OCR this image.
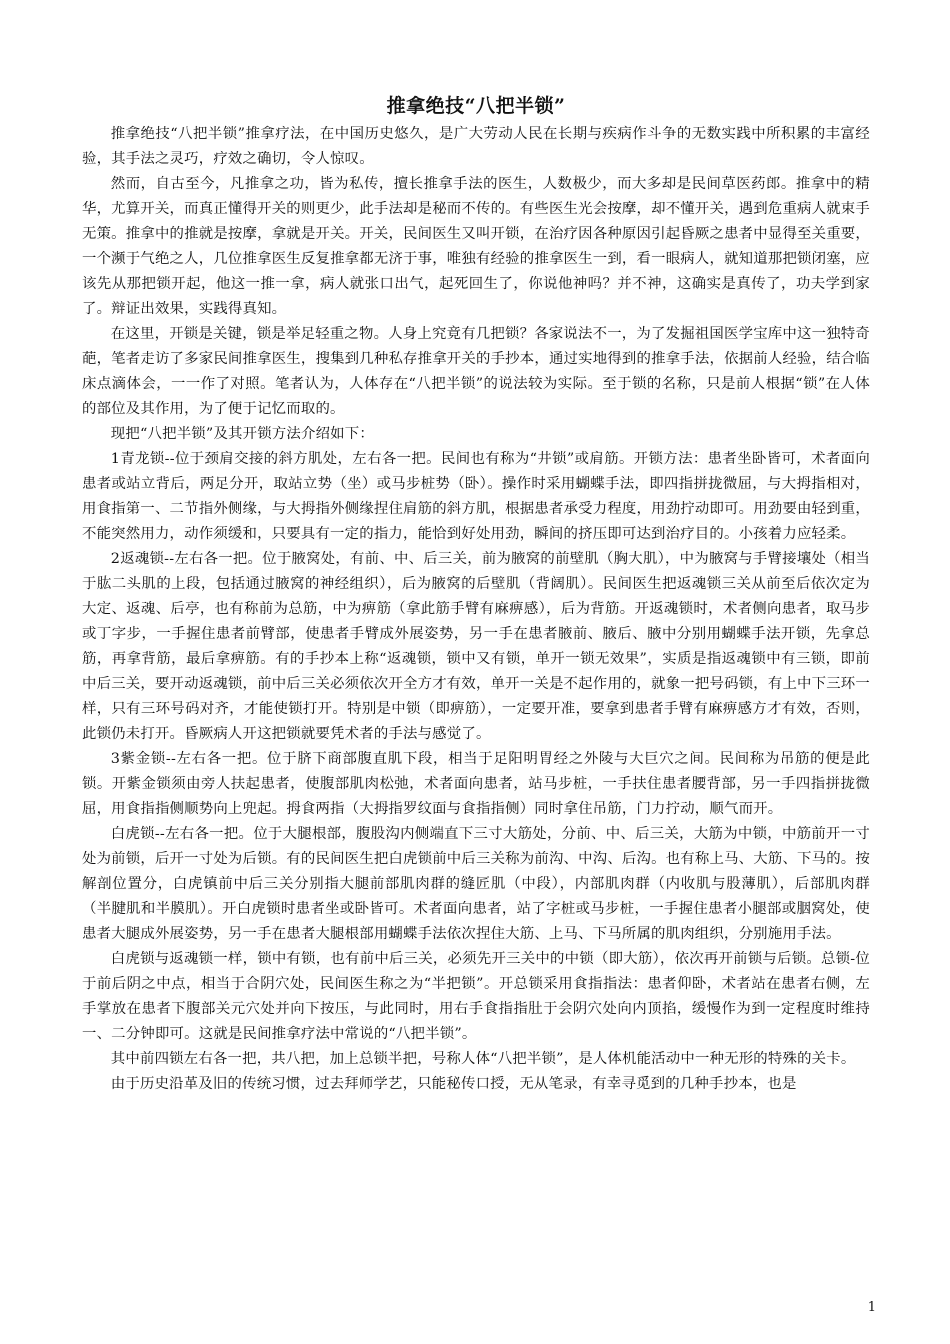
推拿绝技“八把半锁”

推拿绝技“八把半锁”推拿疗法，在中国历史悠久，是广大劳动人民在长期与疾病作斗争的无数实践中所积累的丰富经验，其手法之灵巧，疗效之确切，令人惊叹。

然而，自古至今，凡推拿之功，皆为私传，擅长推拿手法的医生，人数极少，而大多却是民间草医药郎。推拿中的精华，尤算开关，而真正懂得开关的则更少，此手法却是秘而不传的。有些医生光会按摩，却不懂开关，遇到危重病人就束手无策。推拿中的推就是按摩，拿就是开关。开关，民间医生又叫开锁，在治疗因各种原因引起昏厥之患者中显得至关重要，一个濒于气绝之人，几位推拿医生反复推拿都无济于事，唯独有经验的推拿医生一到，看一眼病人，就知道那把锁闭塞，应该先从那把锁开起，他这一推一拿，病人就张口出气，起死回生了，你说他神吗？并不神，这确实是真传了，功夫学到家了。辩证出效果，实践得真知。

在这里，开锁是关键，锁是举足轻重之物。人身上究竟有几把锁？各家说法不一，为了发掘祖国医学宝库中这一独特奇葩，笔者走访了多家民间推拿医生，搜集到几种私存推拿开关的手抄本，通过实地得到的推拿手法，依据前人经验，结合临床点滴体会，一一作了对照。笔者认为，人体存在“八把半锁”的说法较为实际。至于锁的名称，只是前人根据“锁”在人体的部位及其作用，为了便于记忆而取的。

现把“八把半锁”及其开锁方法介绍如下：

1青龙锁--位于颈肩交接的斜方肌处，左右各一把。民间也有称为“井锁”或肩筋。开锁方法：患者坐卧皆可，术者面向患者或站立背后，两足分开，取站立势（坐）或马步桩势（卧）。操作时采用蝴蝶手法，即四指拼拢微屈，与大拇指相对，用食指第一、二节指外侧缘，与大拇指外侧缘捏住肩筋的斜方肌，根据患者承受力程度，用劲拧动即可。用劲要由轻到重，不能突然用力，动作须缓和，只要具有一定的指力，能恰到好处用劲，瞬间的挤压即可达到治疗目的。小孩着力应轻柔。

2返魂锁--左右各一把。位于腋窝处，有前、中、后三关，前为腋窝的前壁肌（胸大肌），中为腋窝与手臂接壤处（相当于肱二头肌的上段，包括通过腋窝的神经组织），后为腋窝的后壁肌（背阔肌）。民间医生把返魂锁三关从前至后依次定为大定、返魂、后亭，也有称前为总筋，中为痹筋（拿此筋手臂有麻痹感），后为背筋。开返魂锁时，术者侧向患者，取马步或丁字步，一手握住患者前臂部，使患者手臂成外展姿势，另一手在患者腋前、腋后、腋中分别用蝴蝶手法开锁，先拿总筋，再拿背筋，最后拿痹筋。有的手抄本上称“返魂锁，锁中又有锁，单开一锁无效果”，实质是指返魂锁中有三锁，即前中后三关，要开动返魂锁，前中后三关必须依次开全方才有效，单开一关是不起作用的，就象一把号码锁，有上中下三环一样，只有三环号码对齐，才能使锁打开。特别是中锁（即痹筋），一定要开准，要拿到患者手臂有麻痹感方才有效，否则，此锁仍未打开。昏厥病人开这把锁就要凭术者的手法与感觉了。

3紫金锁--左右各一把。位于脐下商部腹直肌下段，相当于足阳明胃经之外陵与大巨穴之间。民间称为吊筋的便是此锁。开紫金锁须由旁人扶起患者，使腹部肌肉松弛，术者面向患者，站马步桩，一手扶住患者腰背部，另一手四指拼拢微屈，用食指指侧顺势向上兜起。拇食两指（大拇指罗纹面与食指指侧）同时拿住吊筋，门力拧动，顺气而开。

白虎锁--左右各一把。位于大腿根部，腹股沟内侧端直下三寸大筋处，分前、中、后三关，大筋为中锁，中筋前开一寸处为前锁，后开一寸处为后锁。有的民间医生把白虎锁前中后三关称为前沟、中沟、后沟。也有称上马、大筋、下马的。按解剖位置分，白虎镇前中后三关分别指大腿前部肌肉群的缝匠肌（中段），内部肌肉群（内收肌与股薄肌），后部肌肉群（半腱肌和半膜肌）。开白虎锁时患者坐或卧皆可。术者面向患者，站了字桩或马步桩，一手握住患者小腿部或胭窝处，使患者大腿成外展姿势，另一手在患者大腿根部用蝴蝶手法依次捏住大筋、上马、下马所属的肌肉组织，分别施用手法。

白虎锁与返魂锁一样，锁中有锁，也有前中后三关，必须先开三关中的中锁（即大筋），依次再开前锁与后锁。总锁-位于前后阴之中点，相当于合阴穴处，民间医生称之为“半把锁”。开总锁采用食指指法：患者仰卧，术者站在患者右侧，左手掌放在患者下腹部关元穴处并向下按压，与此同时，用右手食指指肚于会阴穴处向内顶掐，缓慢作为到一定程度时维持一、二分钟即可。这就是民间推拿疗法中常说的“八把半锁”。

其中前四锁左右各一把，共八把，加上总锁半把，号称人体“八把半锁”，是人体机能活动中一种无形的特殊的关卡。

由于历史沿革及旧的传统习惯，过去拜师学艺，只能秘传口授，无从笔录，有幸寻觅到的几种手抄本，也是

1
